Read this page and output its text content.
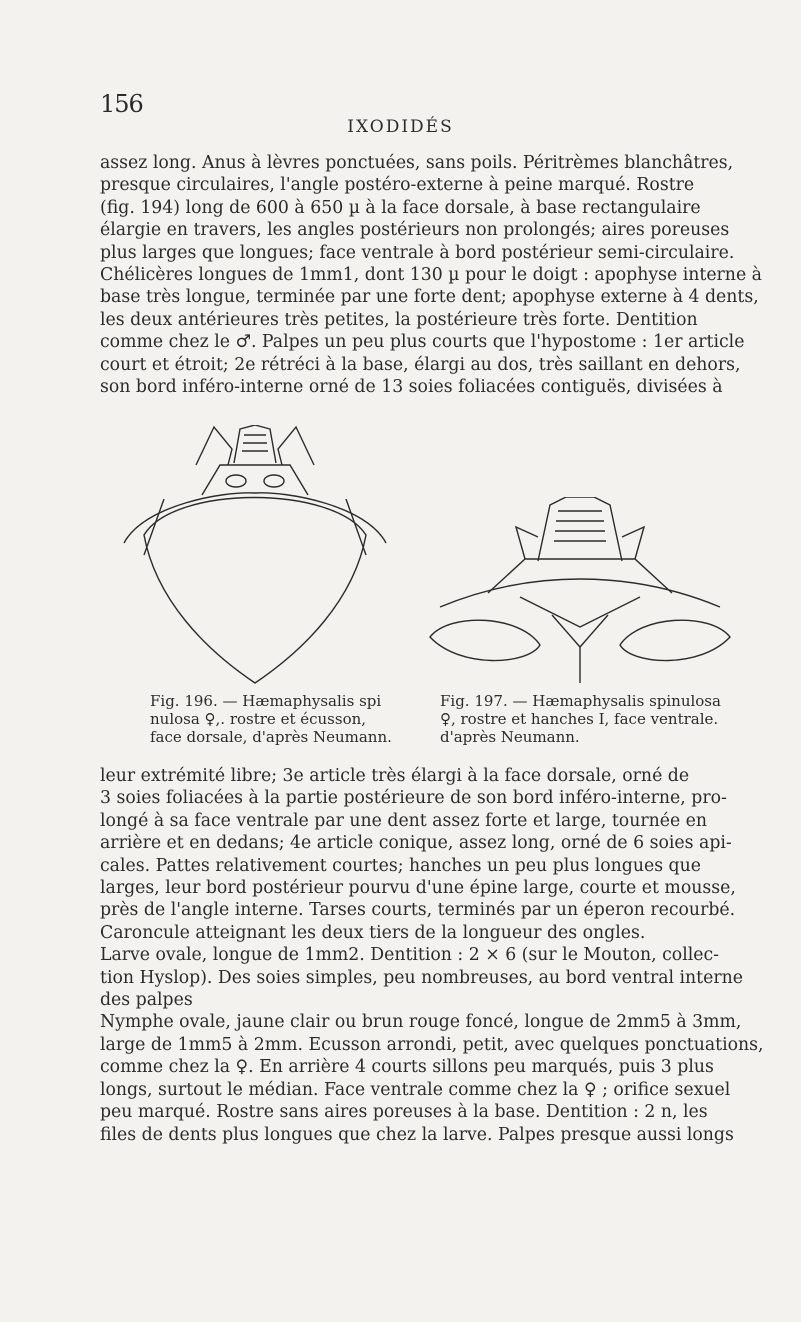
156
IXODIDÉS

assez long. Anus à lèvres ponctuées, sans poils. Péritrèmes blanchâtres,
presque circulaires, l'angle postéro-externe à peine marqué. Rostre
(fig. 194) long de 600 à 650 µ à la face dorsale, à base rectangulaire
élargie en travers, les angles postérieurs non prolongés; aires poreuses
plus larges que longues; face ventrale à bord postérieur semi-circulaire.
Chélicères longues de 1mm1, dont 130 µ pour le doigt : apophyse interne à
base très longue, terminée par une forte dent; apophyse externe à 4 dents,
les deux antérieures très petites, la postérieure très forte. Dentition
comme chez le ♂. Palpes un peu plus courts que l'hypostome : 1er article
court et étroit; 2e rétréci à la base, élargi au dos, très saillant en dehors,
son bord inféro-interne orné de 13 soies foliacées contiguës, divisées à

Fig. 196. — Hæmaphysalis spi
nulosa ♀,. rostre et écusson,
face dorsale, d'après Neumann.
Fig. 197. — Hæmaphysalis spinulosa
♀, rostre et hanches I, face ventrale.
d'après Neumann.

leur extrémité libre; 3e article très élargi à la face dorsale, orné de
3 soies foliacées à la partie postérieure de son bord inféro-interne, pro-
longé à sa face ventrale par une dent assez forte et large, tournée en
arrière et en dedans; 4e article conique, assez long, orné de 6 soies api-
cales. Pattes relativement courtes; hanches un peu plus longues que
larges, leur bord postérieur pourvu d'une épine large, courte et mousse,
près de l'angle interne. Tarses courts, terminés par un éperon recourbé.
Caroncule atteignant les deux tiers de la longueur des ongles.
Larve ovale, longue de 1mm2. Dentition : 2 × 6 (sur le Mouton, collec-
tion Hyslop). Des soies simples, peu nombreuses, au bord ventral interne
des palpes
Nymphe ovale, jaune clair ou brun rouge foncé, longue de 2mm5 à 3mm,
large de 1mm5 à 2mm. Ecusson arrondi, petit, avec quelques ponctuations,
comme chez la ♀. En arrière 4 courts sillons peu marqués, puis 3 plus
longs, surtout le médian. Face ventrale comme chez la ♀ ; orifice sexuel
peu marqué. Rostre sans aires poreuses à la base. Dentition : 2 n, les
files de dents plus longues que chez la larve. Palpes presque aussi longs
